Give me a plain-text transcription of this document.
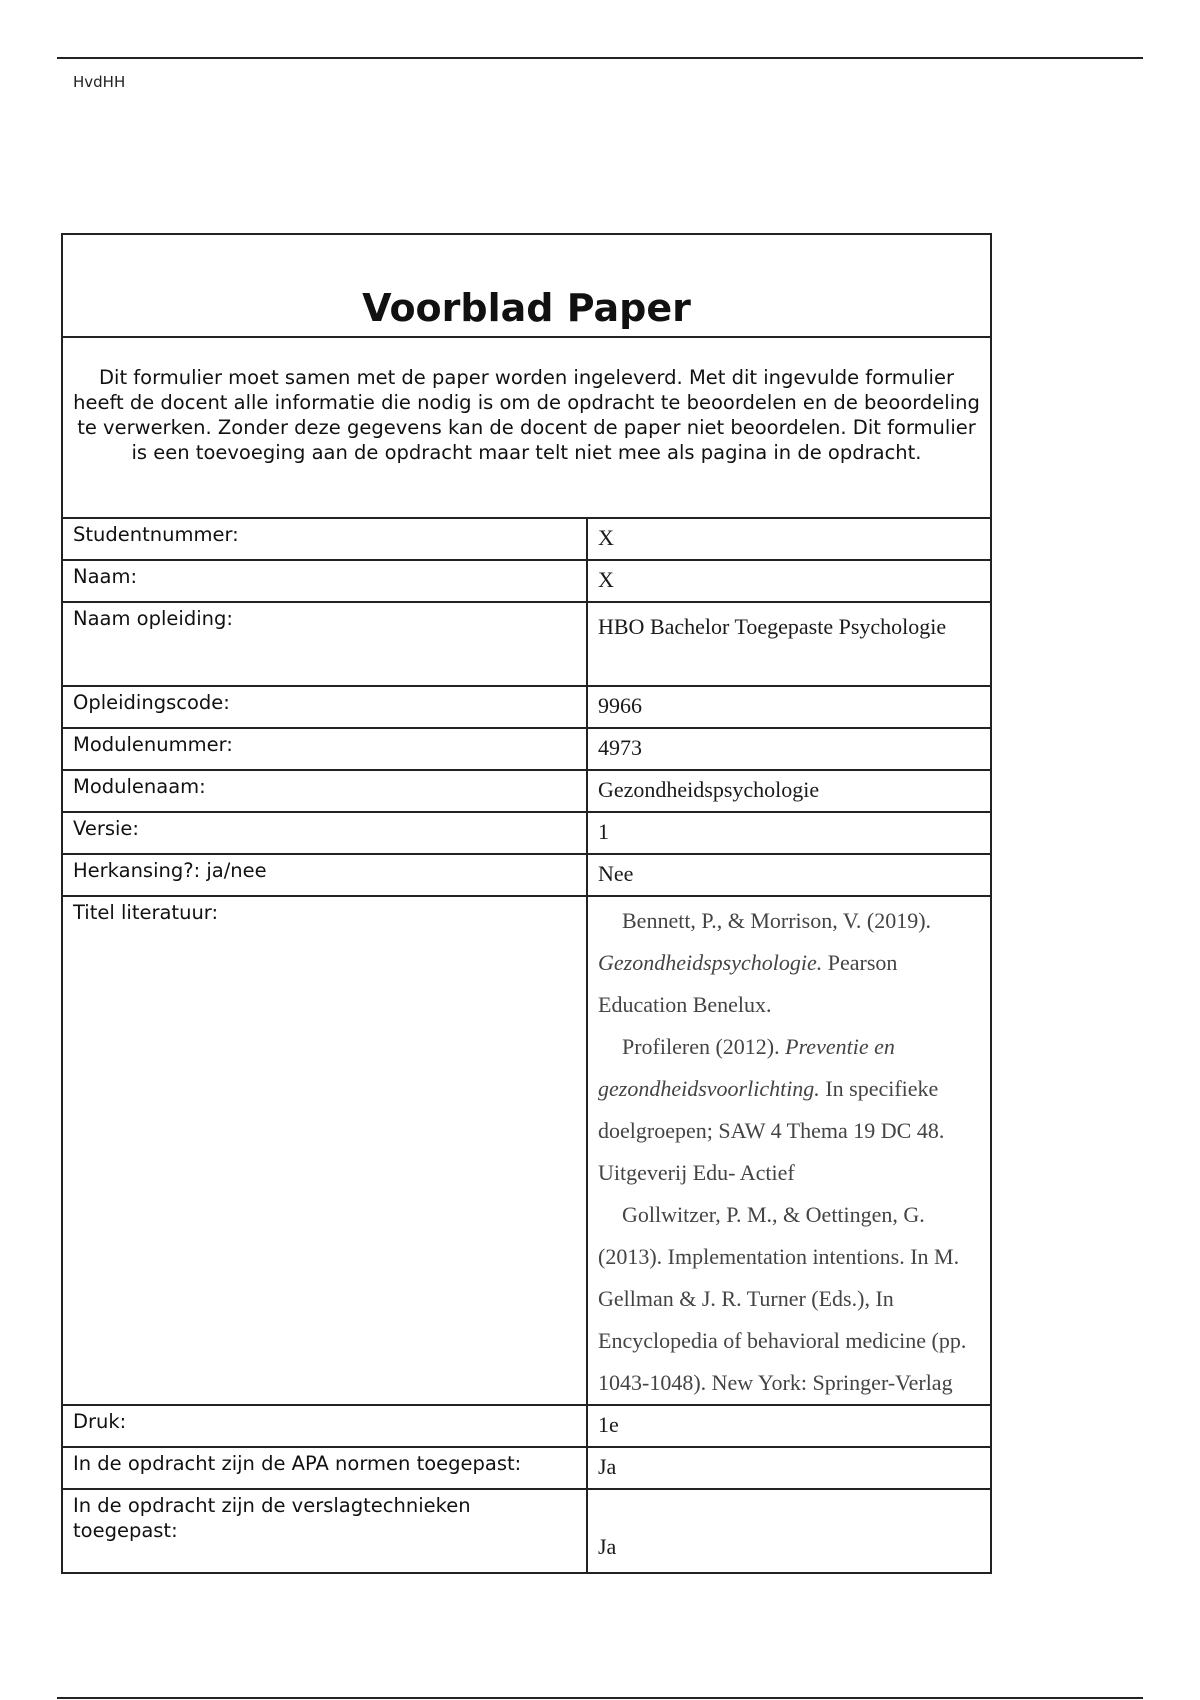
HvdHH
Voorblad Paper	
Dit formulier moet samen met de paper worden ingeleverd. Met dit ingevulde formulier heeft de docent alle informatie die nodig is om de opdracht te beoordelen en de beoordeling te verwerken. Zonder deze gegevens kan de docent de paper niet beoordelen. Dit formulier is een toevoeging aan de opdracht maar telt niet mee als pagina in de opdracht.	
Studentnummer:	X
Naam:	X
Naam opleiding:	HBO Bachelor Toegepaste Psychologie
Opleidingscode:	9966
Modulenummer:	4973
Modulenaam:	Gezondheidspsychologie
Versie:	1
Herkansing?: ja/nee	Nee
Titel literatuur:	Bennett, P., & Morrison, V. (2019). Gezondheidspsychologie. Pearson Education Benelux.

Profileren (2012). Preventie en gezondheidsvoorlichting. In specifieke doelgroepen; SAW 4 Thema 19 DC 48. Uitgeverij Edu- Actief

Gollwitzer, P. M., & Oettingen, G. (2013). Implementation intentions. In M. Gellman & J. R. Turner (Eds.), In Encyclopedia of behavioral medicine (pp. 1043-1048). New York: Springer-Verlag

Druk:	1e
In de opdracht zijn de APA normen toegepast:	Ja
In de opdracht zijn de verslagtechnieken toegepast:	Ja
